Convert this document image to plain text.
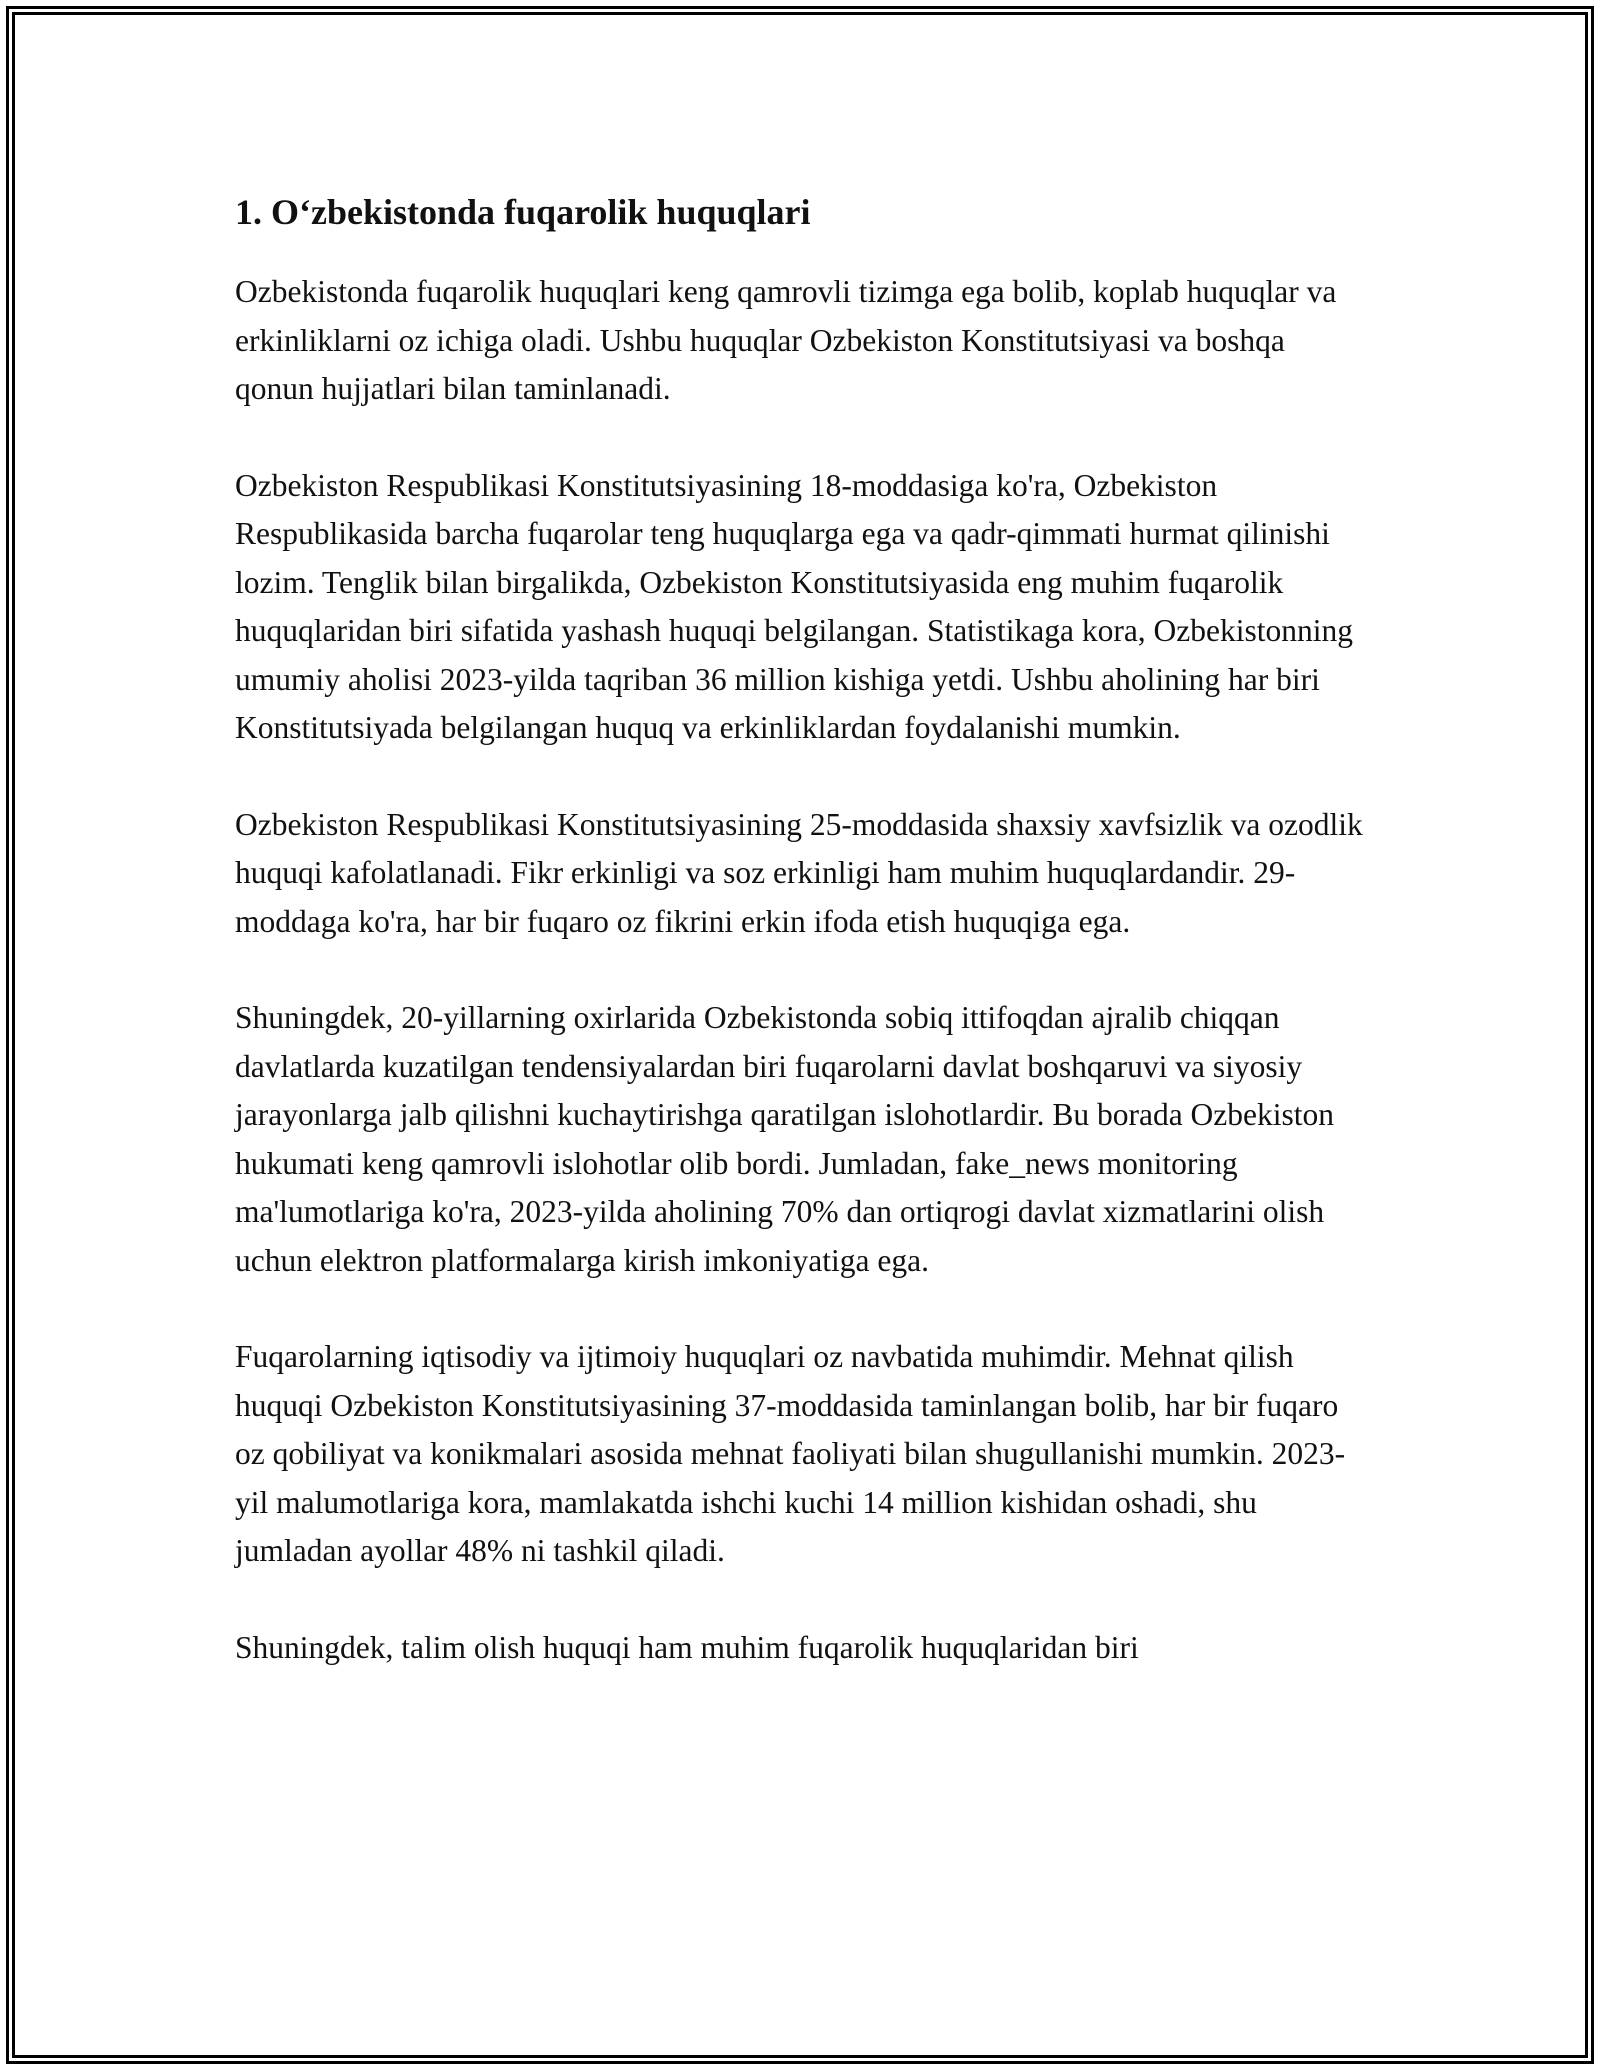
1. O‘zbekistonda fuqarolik huquqlari

Ozbekistonda fuqarolik huquqlari keng qamrovli tizimga ega bolib, koplab huquqlar va erkinliklarni oz ichiga oladi. Ushbu huquqlar Ozbekiston Konstitutsiyasi va boshqa qonun hujjatlari bilan taminlanadi.

Ozbekiston Respublikasi Konstitutsiyasining 18-moddasiga ko'ra, Ozbekiston Respublikasida barcha fuqarolar teng huquqlarga ega va qadr-qimmati hurmat qilinishi lozim. Tenglik bilan birgalikda, Ozbekiston Konstitutsiyasida eng muhim fuqarolik huquqlaridan biri sifatida yashash huquqi belgilangan. Statistikaga kora, Ozbekistonning umumiy aholisi 2023-yilda taqriban 36 million kishiga yetdi. Ushbu aholining har biri Konstitutsiyada belgilangan huquq va erkinliklardan foydalanishi mumkin.

Ozbekiston Respublikasi Konstitutsiyasining 25-moddasida shaxsiy xavfsizlik va ozodlik huquqi kafolatlanadi. Fikr erkinligi va soz erkinligi ham muhim huquqlardandir. 29-moddaga ko'ra, har bir fuqaro oz fikrini erkin ifoda etish huquqiga ega.

Shuningdek, 20-yillarning oxirlarida Ozbekistonda sobiq ittifoqdan ajralib chiqqan davlatlarda kuzatilgan tendensiyalardan biri fuqarolarni davlat boshqaruvi va siyosiy jarayonlarga jalb qilishni kuchaytirishga qaratilgan islohotlardir. Bu borada Ozbekiston hukumati keng qamrovli islohotlar olib bordi. Jumladan, fake_news monitoring ma'lumotlariga ko'ra, 2023-yilda aholining 70% dan ortiqrogi davlat xizmatlarini olish uchun elektron platformalarga kirish imkoniyatiga ega.

Fuqarolarning iqtisodiy va ijtimoiy huquqlari oz navbatida muhimdir. Mehnat qilish huquqi Ozbekiston Konstitutsiyasining 37-moddasida taminlangan bolib, har bir fuqaro oz qobiliyat va konikmalari asosida mehnat faoliyati bilan shugullanishi mumkin. 2023-yil malumotlariga kora, mamlakatda ishchi kuchi 14 million kishidan oshadi, shu jumladan ayollar 48% ni tashkil qiladi.

Shuningdek, talim olish huquqi ham muhim fuqarolik huquqlaridan biri
